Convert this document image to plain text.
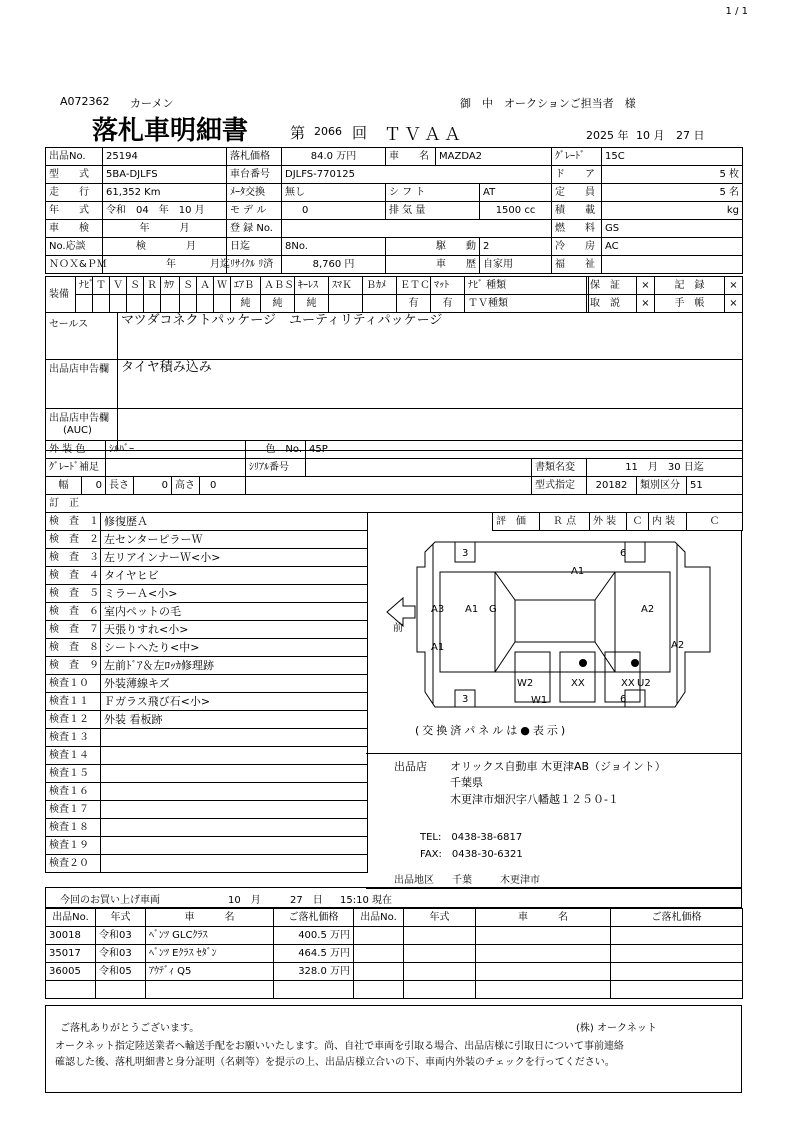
1 / 1
A072362 カーメン	御　中　オークションご担当者　様
落札車明細書	第 2066 回 ＴＶＡＡ	2025 年 10 月 27 日
出品No.	25194	落札価格	84.0 万円	車　　名	MAZDA2		ｸﾞﾚｰﾄﾞ	15C
型　　式	5BA-DJLFS	車台番号	DJLFS-770125				ド　　ア	5 枚
走　　行	61,352 Km	ﾒｰﾀ交換	無し	シ フ ト		AT	定　　員	5 名
年　　式	令和　04　年　10 月	モ デ ル	0	排 気 量		1500 cc	積　　載	kg
車　　検	年　　　月	登 録 No.					燃　　料	GS
No.応談	検 月	日迄	8No.	駆　　動		2	冷　　房	AC
ＮＯＸ&ＰＭ	年 月迄	ﾘｻｲｸﾙ ﾘ済	8,760 円	車　　歴		自家用	福　　祉	
装備	ﾅﾋﾞ	Ｔ	Ｖ	Ｓ	Ｒ	ｶﾜ	Ｓ	Ａ	Ｗ	ｴｱＢ	ＡＢＳ	ｷｰﾚｽ	ｽﾏＫ	Ｂｶﾒ	ＥＴＣ	ﾏｯﾄ	ﾅﾋﾞ 種類
										純	純	純			有	有	ＴＶ種類
保　証	×	記　録	×
取　説	×	手　帳	×
セールス	マツダコネクトパッケージ　ユーティリティパッケージ
出品店申告欄	タイヤ積み込み

出品店申告欄
(AUC)	

外 装 色	ｼﾙﾊﾞｰ	色　No.	45P		
ｸﾞﾚｰﾄﾞ補足		ｼﾘｱﾙ番号		書類名変	11　月　30 日迄
幅	0	長さ	0	高さ	0		型式指定	20182	類別区分	51
訂　正
検　査　１	修復歴Ａ
検　査　２	左センターピラーＷ
検　査　３	左リアインナーＷ<小>
検　査　４	タイヤヒビ
検　査　５	ミラーＡ<小>
検　査　６	室内ペットの毛
検　査　７	天張りすれ<小>
検　査　８	シートへたり<中>
検　査　９	左前ﾄﾞｱ＆左ﾛｯｶ修理跡
検査１０	外装薄線キズ
検査１１	Ｆガラス飛び石<小>
検査１２	外装 看板跡
検査１３	
検査１４	
検査１５	
検査１６	
検査１７	
検査１８	
検査１９	
検査２０	
評　価	Ｒ 点	外 装	Ｃ	内 装	Ｃ
前
3	6
A1
A3 A1 G	A2
A1	A2
W2	XX	XX U2
3	W1	6
(交換済パネルは●表示)
出品店 オリックス自動車 木更津AB（ジョイント）
千葉県
木更津市畑沢字八幡越１２５０-１
TEL:　0438-38-6817
FAX:　0438-30-6321
出品地区 千葉	木更津市
今回のお買い上げ車両	10　月	27　日 15:10 現在
出品No.	年式	車　　　名	ご落札価格	出品No.	年式	車　　　名	ご落札価格
30018	令和03	ﾍﾞﾝﾂ GLCｸﾗｽ	400.5 万円				
35017	令和03	ﾍﾞﾝﾂ Eｸﾗｽ ｾﾀﾞﾝ	464.5 万円				
36005	令和05	ｱｳﾃﾞｨ Q5	328.0 万円				

ご落札ありがとうございます。	(株) オークネット
オークネット指定陸送業者へ輸送手配をお願いいたします。尚、自社で車両を引取る場合、出品店様に引取日について事前連絡
確認した後、落札明細書と身分証明（名刺等）を提示の上、出品店様立合いの下、車両内外装のチェックを行ってください。
